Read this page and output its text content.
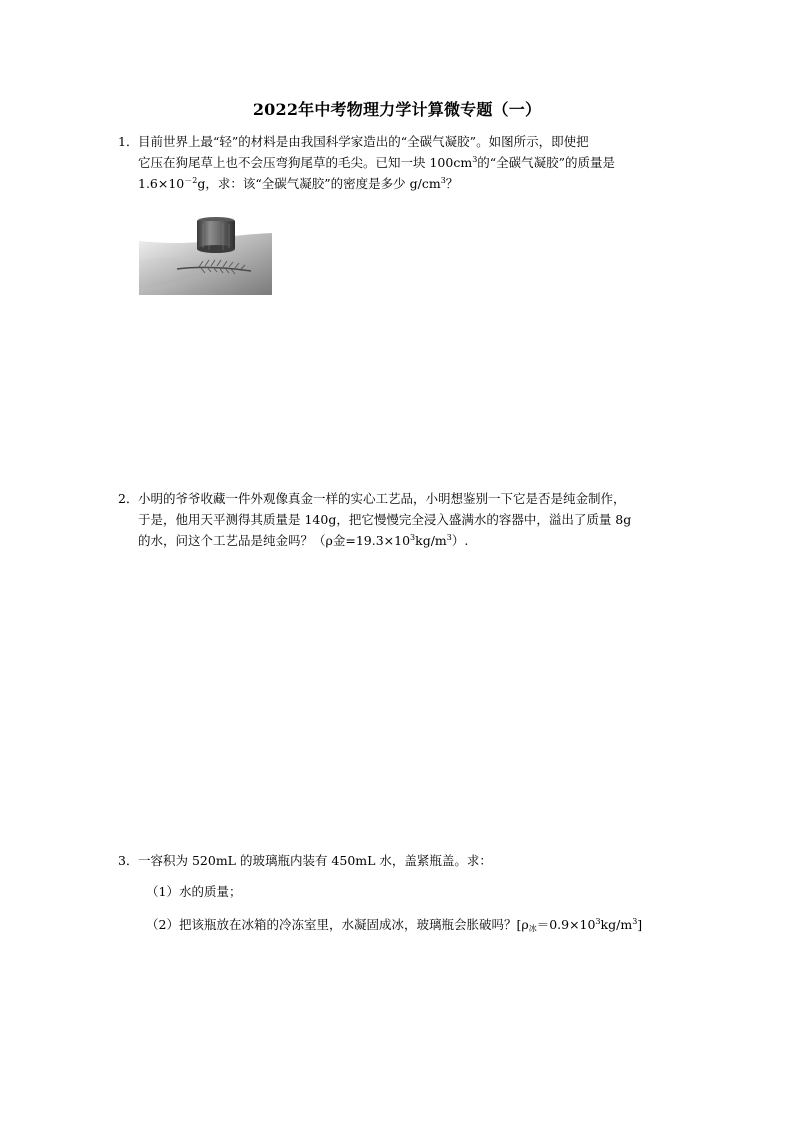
2022年中考物理力学计算微专题（一）
1．目前世界上最“轻”的材料是由我国科学家造出的“全碳气凝胶”。如图所示，即使把
它压在狗尾草上也不会压弯狗尾草的毛尖。已知一块 $100cm^3$的“全碳气凝胶”的质量是
$1.6\times 10^{-2}g$，求：该“全碳气凝胶”的密度是多少 $g/cm^3$？
2．小明的爷爷收藏一件外观像真金一样的实心工艺品，小明想鉴别一下它是否是纯金制作，
于是，他用天平测得其质量是 140g，把它慢慢完全浸入盛满水的容器中，溢出了质量 8g
的水，问这个工艺品是纯金吗？（ρ金$=19.3\times 10^3kg/m^3$）.
3．一容积为 520mL 的玻璃瓶内装有 450mL 水，盖紧瓶盖。求：
（1）水的质量；
（2）把该瓶放在冰箱的冷冻室里，水凝固成冰，玻璃瓶会胀破吗？$[\rho_冰=0.9\times 10^3kg/m^3]$
